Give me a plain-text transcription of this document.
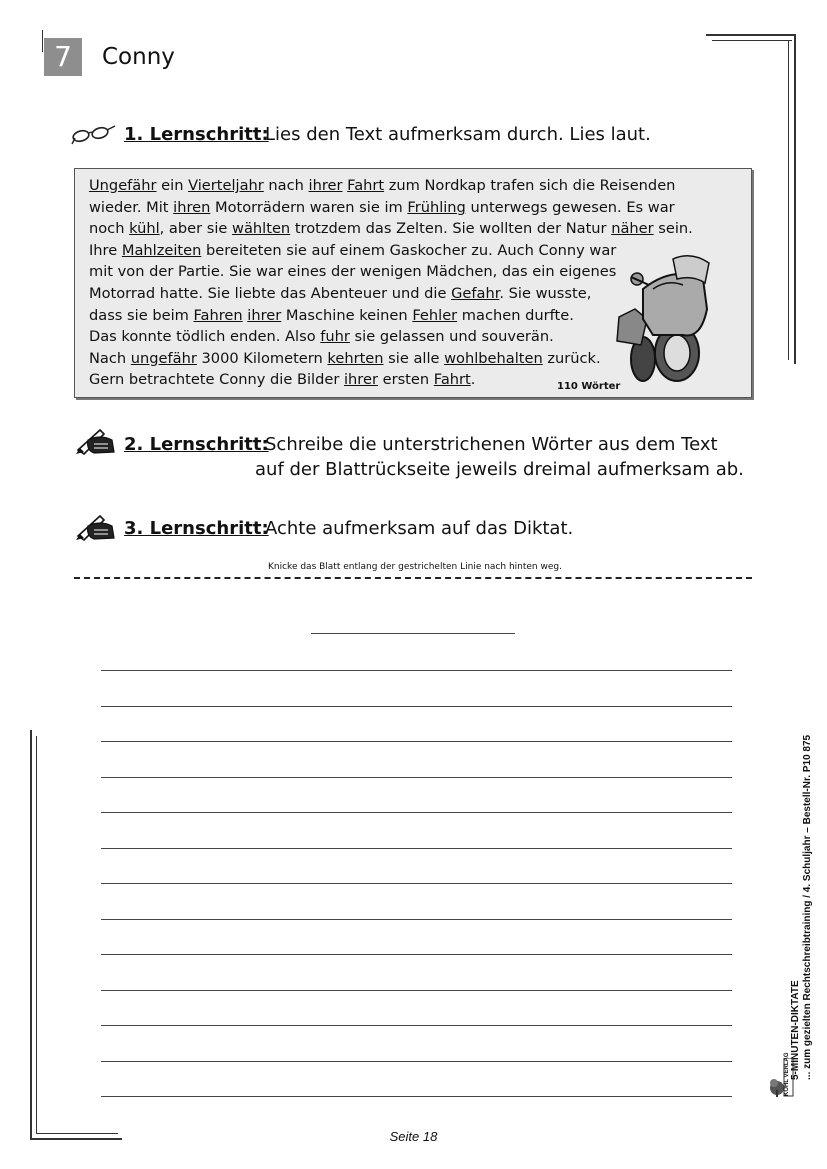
7	Conny
1. Lernschritt:
Lies den Text aufmerksam durch. Lies laut.
Ungefähr ein Vierteljahr nach ihrer Fahrt zum Nordkap trafen sich die Reisenden
wieder. Mit ihren Motorrädern waren sie im Frühling unterwegs gewesen. Es war
noch kühl, aber sie wählten trotzdem das Zelten. Sie wollten der Natur näher sein.
Ihre Mahlzeiten bereiteten sie auf einem Gaskocher zu. Auch Conny war
mit von der Partie. Sie war eines der wenigen Mädchen, das ein eigenes
Motorrad hatte. Sie liebte das Abenteuer und die Gefahr. Sie wusste,
dass sie beim Fahren ihrer Maschine keinen Fehler machen durfte.
Das konnte tödlich enden. Also fuhr sie gelassen und souverän.
Nach ungefähr 3000 Kilometern kehrten sie alle wohlbehalten zurück.
Gern betrachtete Conny die Bilder ihrer ersten Fahrt.	110 Wörter
2. Lernschritt:
Schreibe die unterstrichenen Wörter aus dem Text
auf der Blattrückseite jeweils dreimal aufmerksam ab.
3. Lernschritt:
Achte aufmerksam auf das Diktat.
Knicke das Blatt entlang der gestrichelten Linie nach hinten weg.
5-MINUTEN-DIKTATE ... zum gezielten Rechtschreibtraining / 4. Schuljahr – Bestell-Nr. P10 875
KOHL VERLAG
Seite 18
